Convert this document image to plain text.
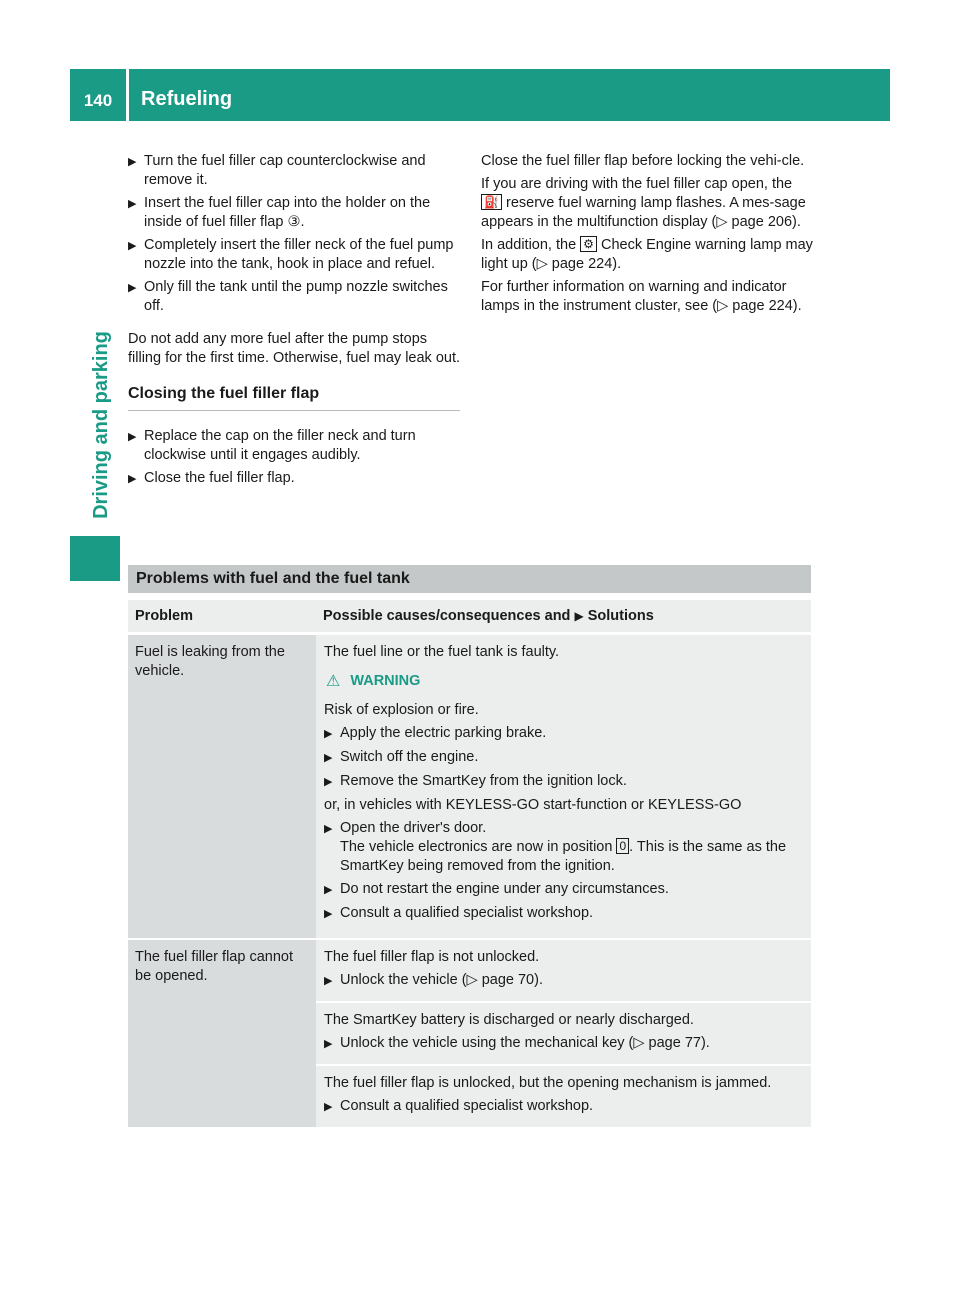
140	Refueling
Driving and parking
▶ Turn the fuel filler cap counterclockwise and remove it.
▶ Insert the fuel filler cap into the holder on the inside of fuel filler flap ③.
▶ Completely insert the filler neck of the fuel pump nozzle into the tank, hook in place and refuel.
▶ Only fill the tank until the pump nozzle switches off.

Do not add any more fuel after the pump stops filling for the first time. Otherwise, fuel may leak out.

Closing the fuel filler flap
▶ Replace the cap on the filler neck and turn clockwise until it engages audibly.
▶ Close the fuel filler flap.

Close the fuel filler flap before locking the vehi-cle.

If you are driving with the fuel filler cap open, the ⛽ reserve fuel warning lamp flashes. A mes-sage appears in the multifunction display (▷ page 206).

In addition, the ⚙ Check Engine warning lamp may light up (▷ page 224).

For further information on warning and indicator lamps in the instrument cluster, see (▷ page 224).

Problems with fuel and the fuel tank
Problem	Possible causes/consequences and ▶ Solutions
Fuel is leaking from the vehicle.
The fuel line or the fuel tank is faulty.
⚠ WARNING
Risk of explosion or fire.
▶ Apply the electric parking brake.
▶ Switch off the engine.
▶ Remove the SmartKey from the ignition lock.
or, in vehicles with KEYLESS-GO start-function or KEYLESS-GO
▶ Open the driver's door.
The vehicle electronics are now in position 0 . This is the same as the SmartKey being removed from the ignition.
▶ Do not restart the engine under any circumstances.
▶ Consult a qualified specialist workshop.
The fuel filler flap cannot be opened.
The fuel filler flap is not unlocked.
▶ Unlock the vehicle (▷ page 70).
The SmartKey battery is discharged or nearly discharged.
▶ Unlock the vehicle using the mechanical key (▷ page 77).
The fuel filler flap is unlocked, but the opening mechanism is jammed.
▶ Consult a qualified specialist workshop.
